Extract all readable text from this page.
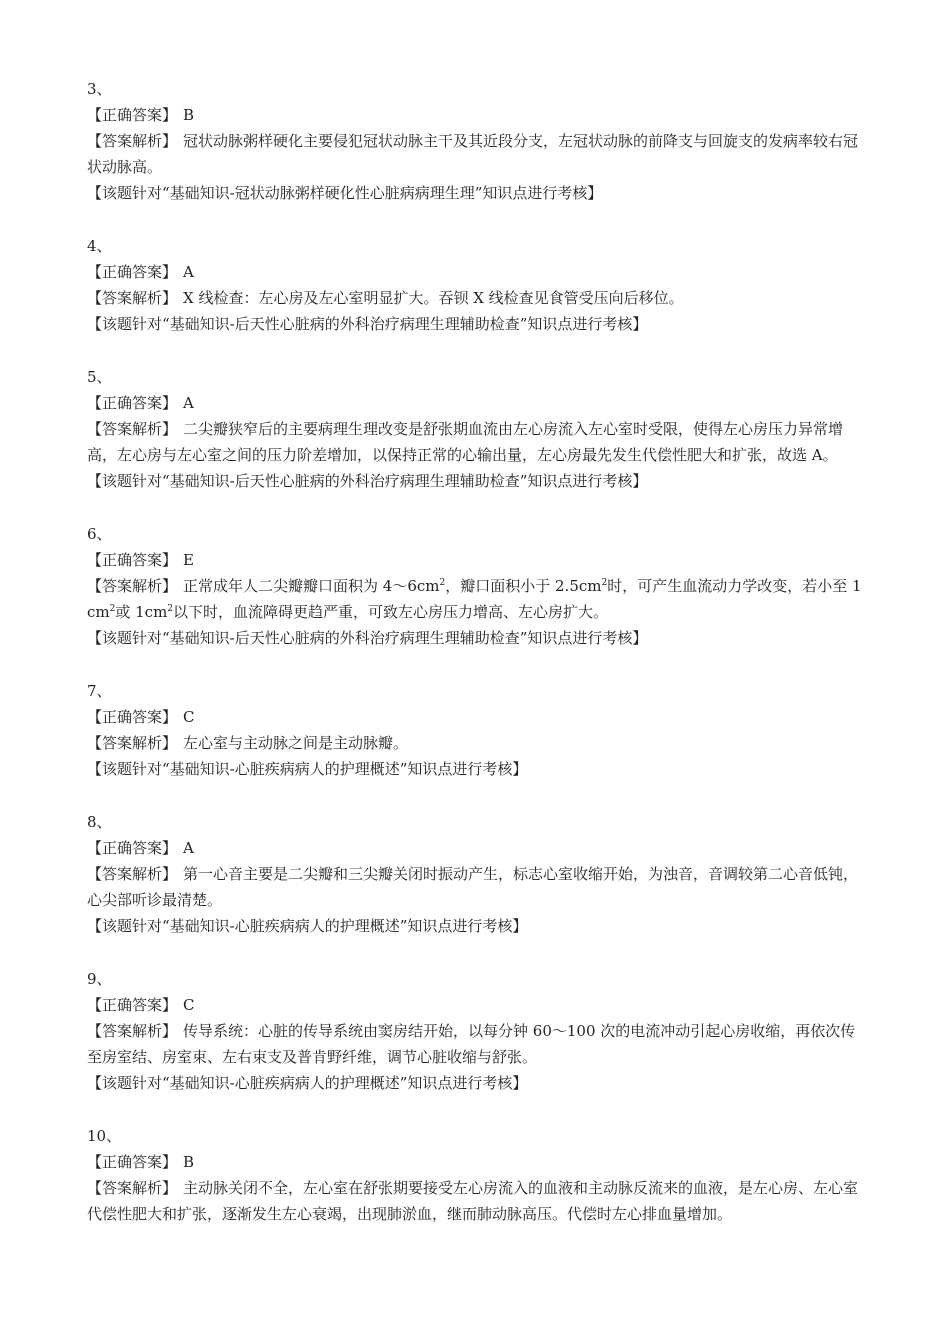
3、

【正确答案】 B

【答案解析】 冠状动脉粥样硬化主要侵犯冠状动脉主干及其近段分支，左冠状动脉的前降支与回旋支的发病率较右冠状动脉高。

【该题针对“基础知识-冠状动脉粥样硬化性心脏病病理生理”知识点进行考核】

4、

【正确答案】 A

【答案解析】 X 线检查：左心房及左心室明显扩大。吞钡 X 线检查见食管受压向后移位。

【该题针对“基础知识-后天性心脏病的外科治疗病理生理辅助检查”知识点进行考核】

5、

【正确答案】 A

【答案解析】 二尖瓣狭窄后的主要病理生理改变是舒张期血流由左心房流入左心室时受限，使得左心房压力异常增高，左心房与左心室之间的压力阶差增加，以保持正常的心输出量，左心房最先发生代偿性肥大和扩张，故选 A。

【该题针对“基础知识-后天性心脏病的外科治疗病理生理辅助检查”知识点进行考核】

6、

【正确答案】 E

【答案解析】 正常成年人二尖瓣瓣口面积为 $4\sim 6cm^2$，瓣口面积小于 $2.5cm^2$时，可产生血流动力学改变，若小至 $1cm^2$或 $1cm^2$以下时，血流障碍更趋严重，可致左心房压力增高、左心房扩大。

【该题针对“基础知识-后天性心脏病的外科治疗病理生理辅助检查”知识点进行考核】

7、

【正确答案】 C

【答案解析】 左心室与主动脉之间是主动脉瓣。

【该题针对“基础知识-心脏疾病病人的护理概述”知识点进行考核】

8、

【正确答案】 A

【答案解析】 第一心音主要是二尖瓣和三尖瓣关闭时振动产生，标志心室收缩开始，为浊音，音调较第二心音低钝，心尖部听诊最清楚。

【该题针对“基础知识-心脏疾病病人的护理概述”知识点进行考核】

9、

【正确答案】 C

【答案解析】 传导系统：心脏的传导系统由窦房结开始，以每分钟 60～100 次的电流冲动引起心房收缩，再依次传至房室结、房室束、左右束支及普肯野纤维，调节心脏收缩与舒张。

【该题针对“基础知识-心脏疾病病人的护理概述”知识点进行考核】

10、

【正确答案】 B

【答案解析】 主动脉关闭不全，左心室在舒张期要接受左心房流入的血液和主动脉反流来的血液，是左心房、左心室代偿性肥大和扩张，逐渐发生左心衰竭，出现肺淤血，继而肺动脉高压。代偿时左心排血量增加。
